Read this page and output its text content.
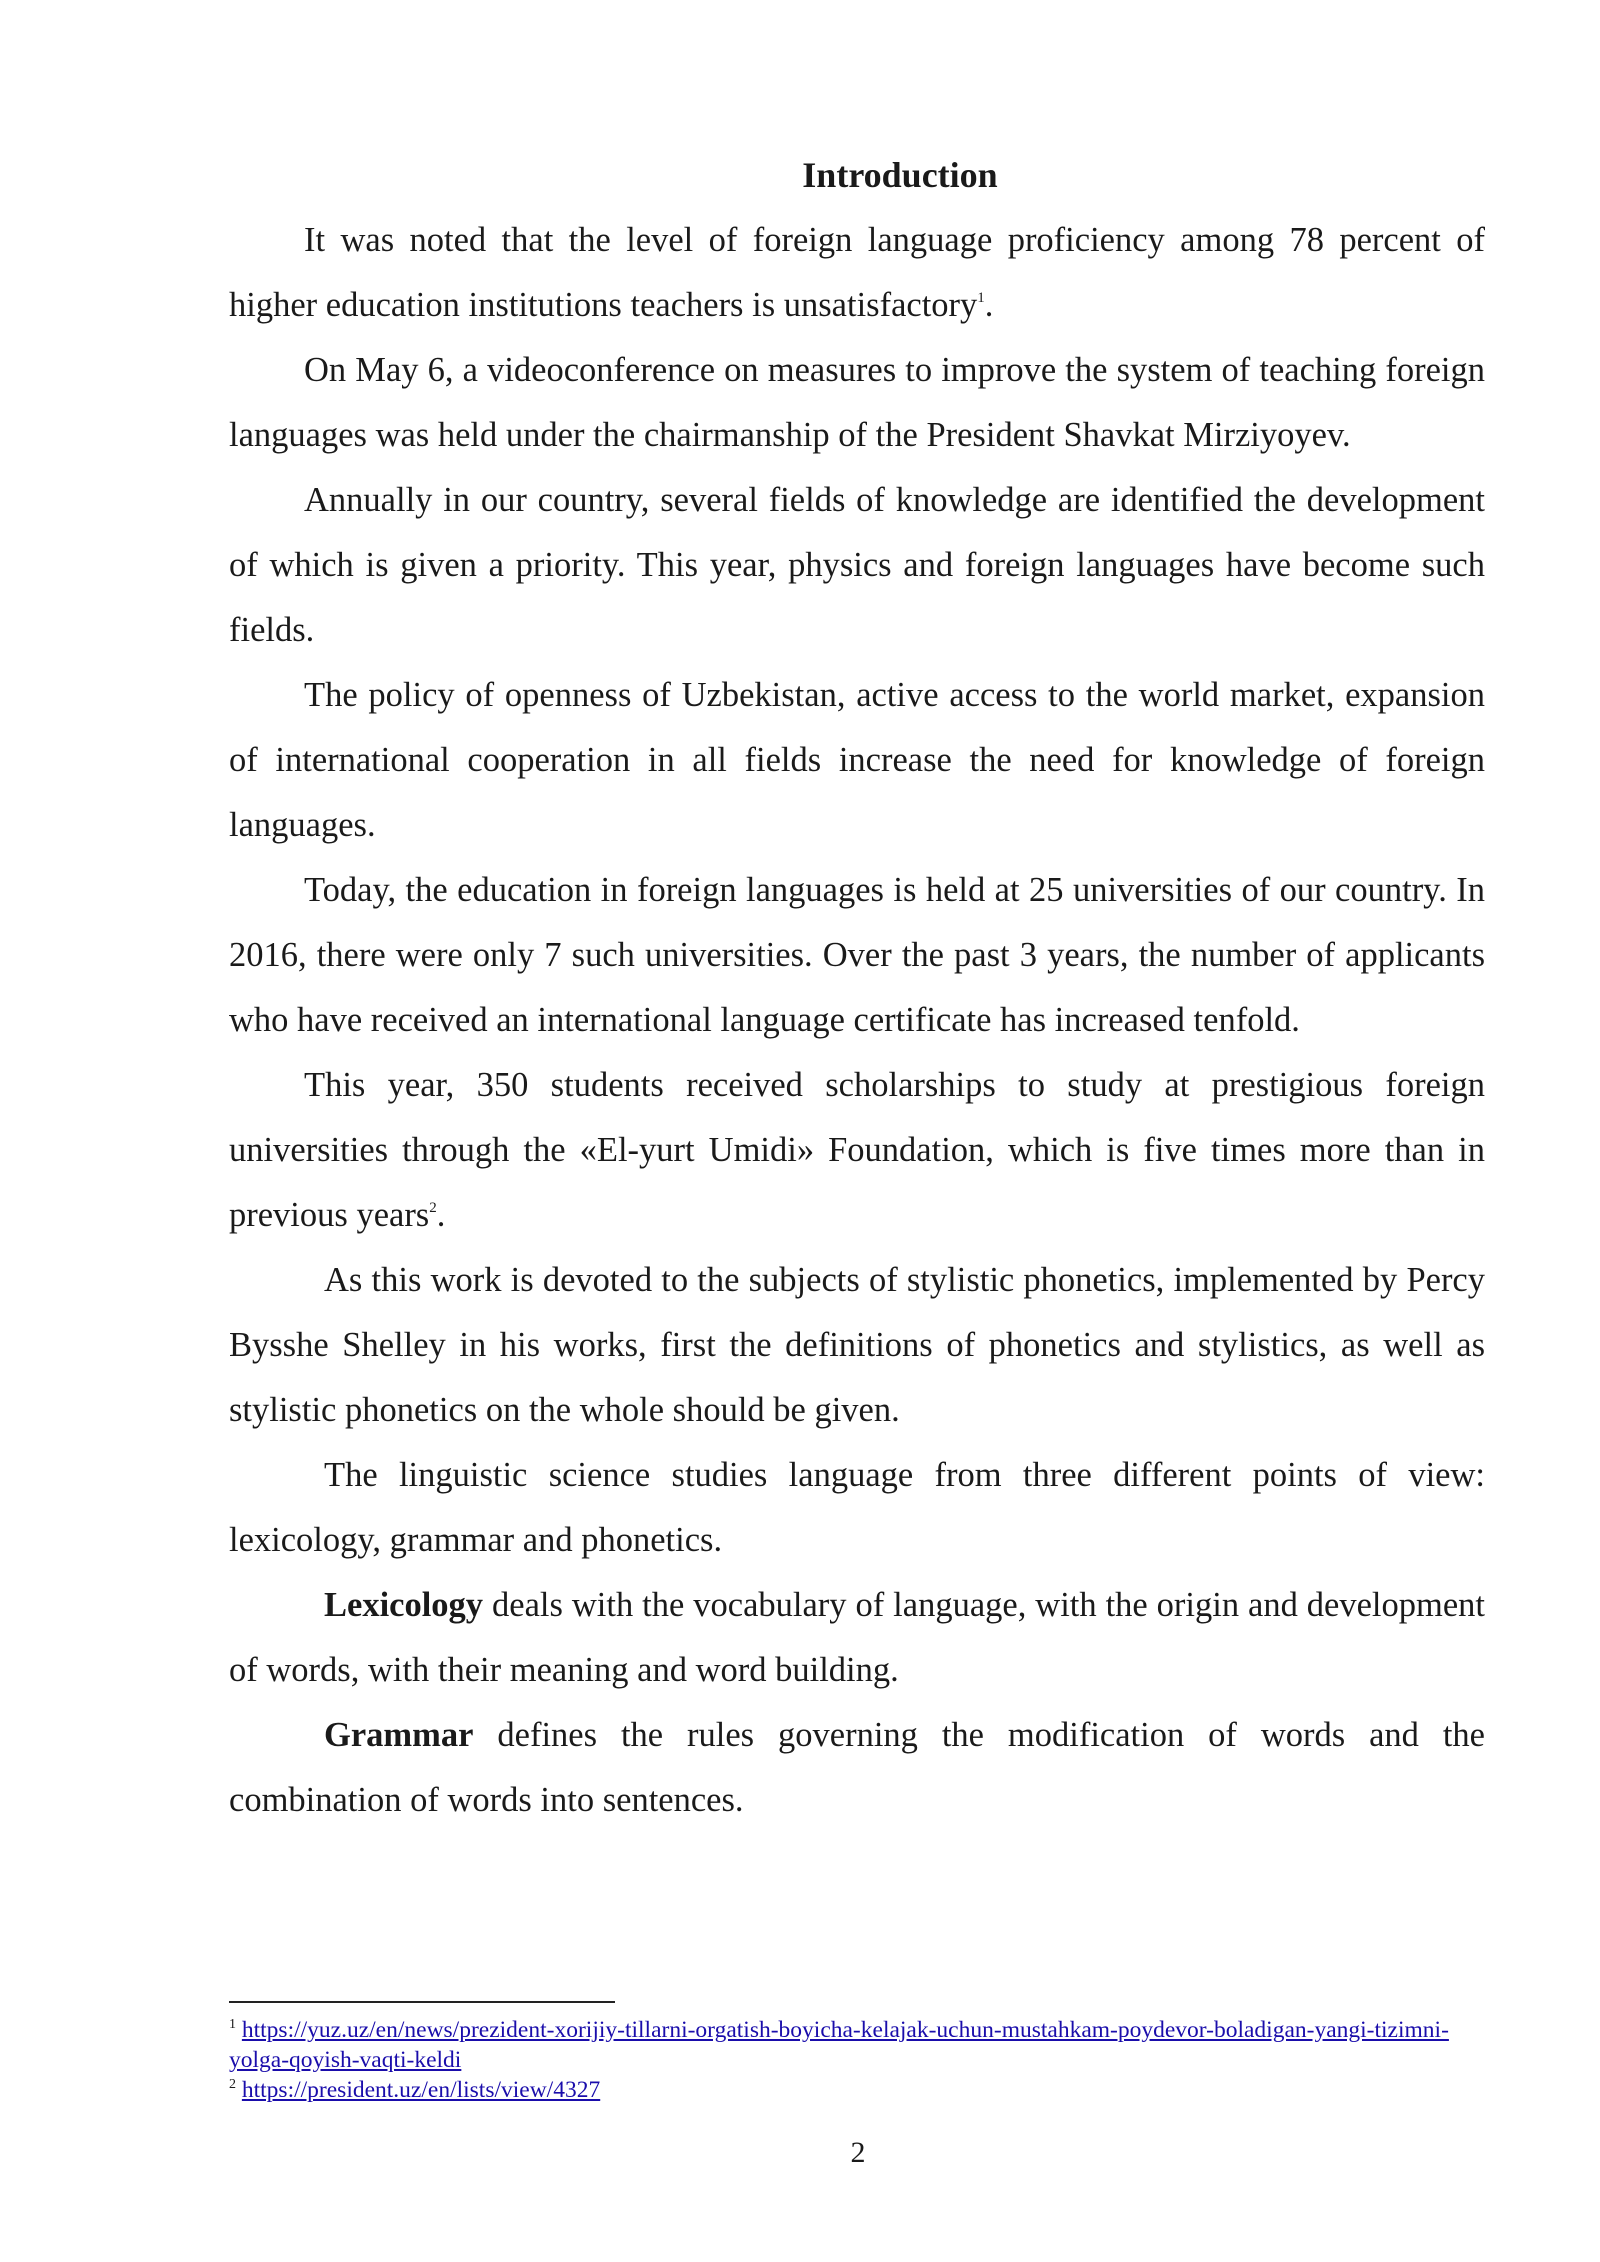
Introduction

It was noted that the level of foreign language proficiency among 78 percent of higher education institutions teachers is unsatisfactory$^1$.

On May 6, a videoconference on measures to improve the system of teaching foreign languages was held under the chairmanship of the President Shavkat Mirziyoyev.

Annually in our country, several fields of knowledge are identified the development of which is given a priority. This year, physics and foreign languages have become such fields.

The policy of openness of Uzbekistan, active access to the world market, expansion of international cooperation in all fields increase the need for knowledge of foreign languages.

Today, the education in foreign languages is held at 25 universities of our country. In 2016, there were only 7 such universities. Over the past 3 years, the number of applicants who have received an international language certificate has increased tenfold.

This year, 350 students received scholarships to study at prestigious foreign universities through the «El-yurt Umidi» Foundation, which is five times more than in previous years$^2$.

As this work is devoted to the subjects of stylistic phonetics, implemented by Percy Bysshe Shelley in his works, first the definitions of phonetics and stylistics, as well as stylistic phonetics on the whole should be given.

The linguistic science studies language from three different points of view: lexicology, grammar and phonetics.

Lexicology deals with the vocabulary of language, with the origin and development of words, with their meaning and word building.

Grammar defines the rules governing the modification of words and the combination of words into sentences.

$^1$ https://yuz.uz/en/news/prezident-xorijiy-tillarni-orgatish-boyicha-kelajak-uchun-mustahkam-poydevor-boladigan-yangi-tizimni-yolga-qoyish-vaqti-keldi
$^2$ https://president.uz/en/lists/view/4327
2
